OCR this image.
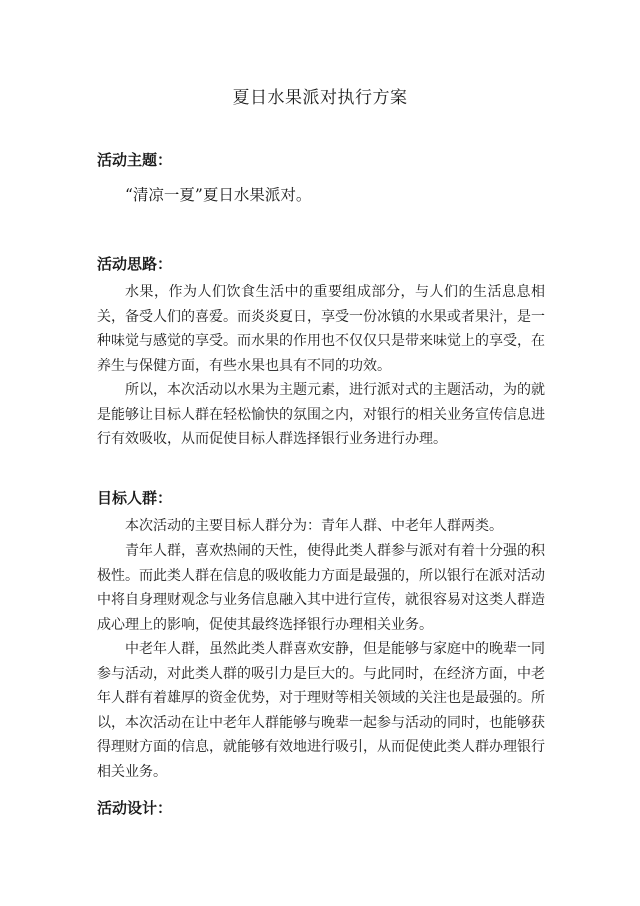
夏日水果派对执行方案
活动主题：
“清凉一夏”夏日水果派对。
活动思路：

水果，作为人们饮食生活中的重要组成部分，与人们的生活息息相关，备受人们的喜爱。而炎炎夏日，享受一份冰镇的水果或者果汁，是一种味觉与感觉的享受。而水果的作用也不仅仅只是带来味觉上的享受，在养生与保健方面，有些水果也具有不同的功效。

所以，本次活动以水果为主题元素，进行派对式的主题活动，为的就是能够让目标人群在轻松愉快的氛围之内，对银行的相关业务宣传信息进行有效吸收，从而促使目标人群选择银行业务进行办理。

目标人群：

本次活动的主要目标人群分为：青年人群、中老年人群两类。

青年人群，喜欢热闹的天性，使得此类人群参与派对有着十分强的积极性。而此类人群在信息的吸收能力方面是最强的，所以银行在派对活动中将自身理财观念与业务信息融入其中进行宣传，就很容易对这类人群造成心理上的影响，促使其最终选择银行办理相关业务。

中老年人群，虽然此类人群喜欢安静，但是能够与家庭中的晚辈一同参与活动，对此类人群的吸引力是巨大的。与此同时，在经济方面，中老年人群有着雄厚的资金优势，对于理财等相关领域的关注也是最强的。所以，本次活动在让中老年人群能够与晚辈一起参与活动的同时，也能够获得理财方面的信息，就能够有效地进行吸引，从而促使此类人群办理银行相关业务。

活动设计：
